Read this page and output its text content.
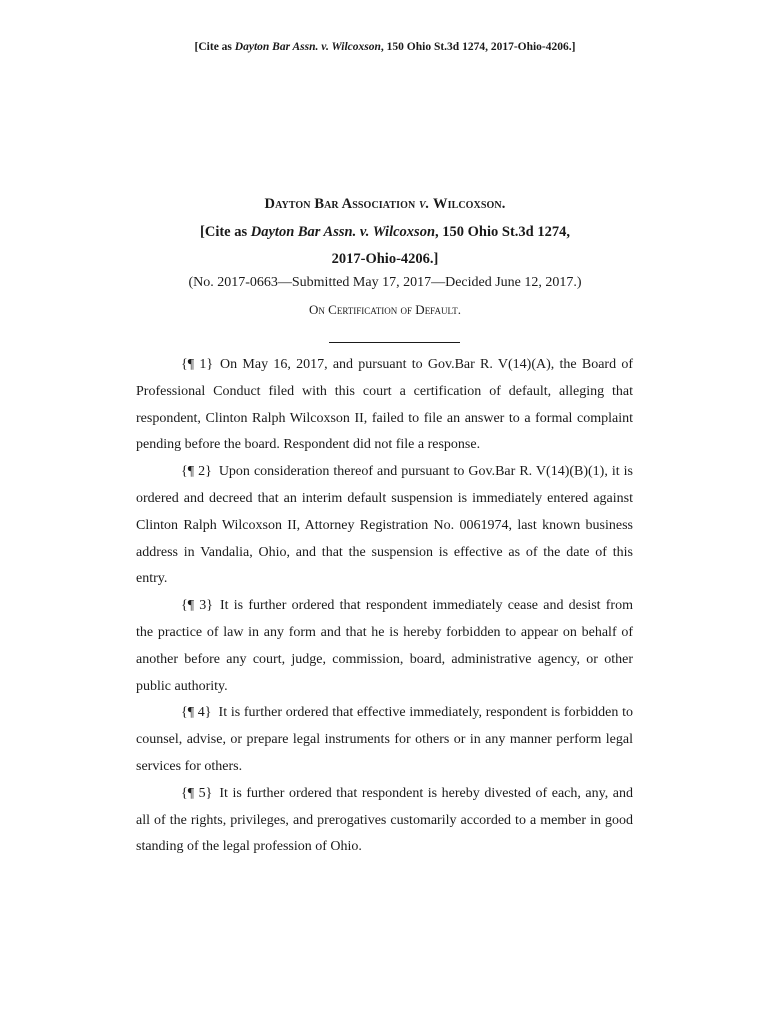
[Cite as Dayton Bar Assn. v. Wilcoxson, 150 Ohio St.3d 1274, 2017-Ohio-4206.]
Dayton Bar Association v. Wilcoxson.
[Cite as Dayton Bar Assn. v. Wilcoxson, 150 Ohio St.3d 1274,
2017-Ohio-4206.]
(No. 2017-0663—Submitted May 17, 2017—Decided June 12, 2017.)
On Certification of Default.

{¶ 1} On May 16, 2017, and pursuant to Gov.Bar R. V(14)(A), the Board of Professional Conduct filed with this court a certification of default, alleging that respondent, Clinton Ralph Wilcoxson II, failed to file an answer to a formal complaint pending before the board. Respondent did not file a response.

{¶ 2} Upon consideration thereof and pursuant to Gov.Bar R. V(14)(B)(1), it is ordered and decreed that an interim default suspension is immediately entered against Clinton Ralph Wilcoxson II, Attorney Registration No. 0061974, last known business address in Vandalia, Ohio, and that the suspension is effective as of the date of this entry.

{¶ 3} It is further ordered that respondent immediately cease and desist from the practice of law in any form and that he is hereby forbidden to appear on behalf of another before any court, judge, commission, board, administrative agency, or other public authority.

{¶ 4} It is further ordered that effective immediately, respondent is forbidden to counsel, advise, or prepare legal instruments for others or in any manner perform legal services for others.

{¶ 5} It is further ordered that respondent is hereby divested of each, any, and all of the rights, privileges, and prerogatives customarily accorded to a member in good standing of the legal profession of Ohio.
